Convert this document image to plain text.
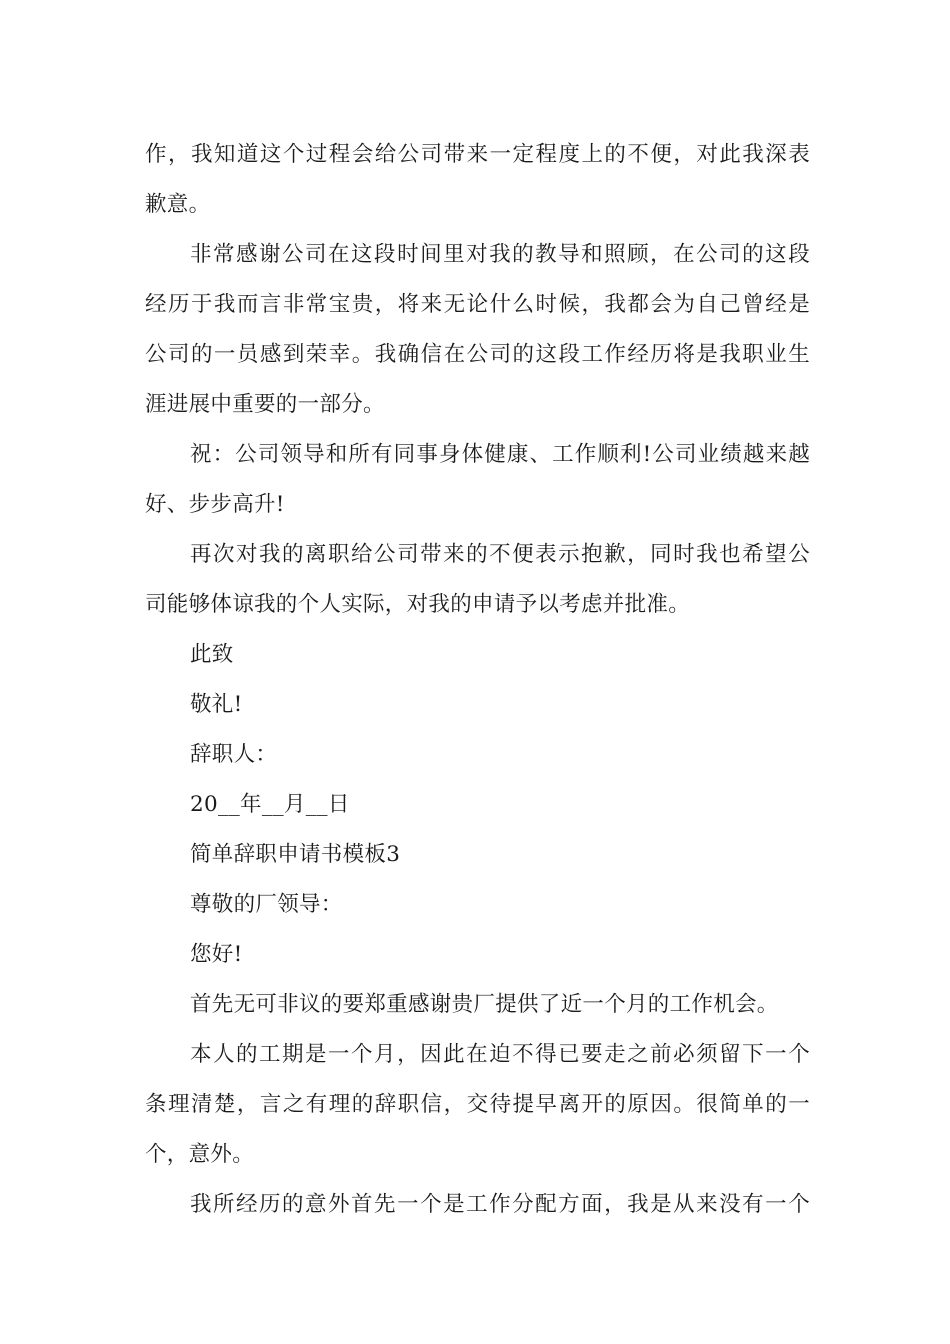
作，我知道这个过程会给公司带来一定程度上的不便，对此我深表
歉意。
非常感谢公司在这段时间里对我的教导和照顾，在公司的这段
经历于我而言非常宝贵，将来无论什么时候，我都会为自己曾经是
公司的一员感到荣幸。我确信在公司的这段工作经历将是我职业生
涯进展中重要的一部分。
祝：公司领导和所有同事身体健康、工作顺利!公司业绩越来越
好、步步高升!
再次对我的离职给公司带来的不便表示抱歉，同时我也希望公
司能够体谅我的个人实际，对我的申请予以考虑并批准。
此致
敬礼!
辞职人：
20__年__月__日
简单辞职申请书模板3
尊敬的厂领导：
您好!
首先无可非议的要郑重感谢贵厂提供了近一个月的工作机会。
本人的工期是一个月，因此在迫不得已要走之前必须留下一个
条理清楚，言之有理的辞职信，交待提早离开的原因。很简单的一
个，意外。
我所经历的意外首先一个是工作分配方面，我是从来没有一个
